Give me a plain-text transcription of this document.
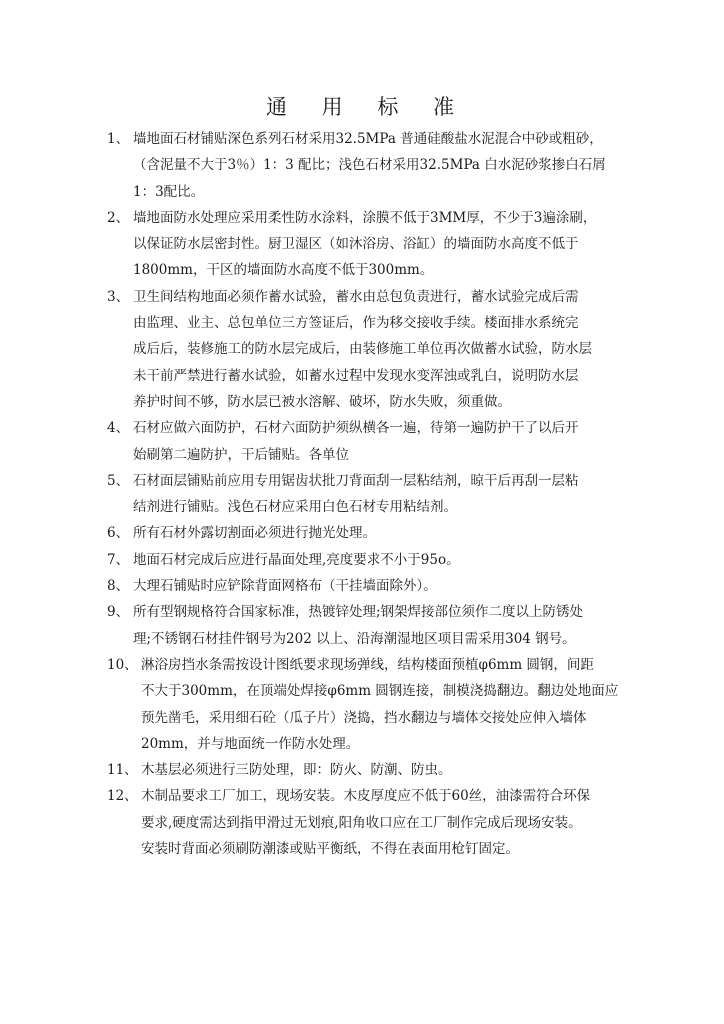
通 用 标 准
1、 墙地面石材铺贴深色系列石材采用32.5MPa 普通硅酸盐水泥混合中砂或粗砂，
（含泥量不大于3％）1：3 配比；浅色石材采用32.5MPa 白水泥砂浆掺白石屑
1：3配比。
2、 墙地面防水处理应采用柔性防水涂料，涂膜不低于3MM厚，不少于3遍涂刷，
以保证防水层密封性。厨卫湿区（如沐浴房、浴缸）的墙面防水高度不低于
1800mm，干区的墙面防水高度不低于300mm。
3、 卫生间结构地面必须作蓄水试验，蓄水由总包负责进行，蓄水试验完成后需
由监理、业主、总包单位三方签证后，作为移交接收手续。楼面排水系统完
成后后，装修施工的防水层完成后，由装修施工单位再次做蓄水试验，防水层
未干前严禁进行蓄水试验，如蓄水过程中发现水变浑浊或乳白，说明防水层
养护时间不够，防水层已被水溶解、破坏，防水失败，须重做。
4、 石材应做六面防护，石材六面防护须纵横各一遍，待第一遍防护干了以后开
始刷第二遍防护，干后铺贴。各单位
5、 石材面层铺贴前应用专用锯齿状批刀背面刮一层粘结剂，晾干后再刮一层粘
结剂进行铺贴。浅色石材应采用白色石材专用粘结剂。
6、 所有石材外露切割面必须进行抛光处理。
7、 地面石材完成后应进行晶面处理,亮度要求不小于95o。
8、 大理石铺贴时应铲除背面网格布（干挂墙面除外）。
9、 所有型钢规格符合国家标准，热镀锌处理;钢架焊接部位须作二度以上防锈处
理;不锈钢石材挂件钢号为202 以上、沿海潮湿地区项目需采用304 钢号。
10、 淋浴房挡水条需按设计图纸要求现场弹线，结构楼面预植φ6mm 圆钢，间距
不大于300mm，在顶端处焊接φ6mm 圆钢连接，制模浇捣翻边。翻边处地面应
预先凿毛，采用细石砼（瓜子片）浇捣，挡水翻边与墙体交接处应伸入墙体
20mm，并与地面统一作防水处理。
11、 木基层必须进行三防处理，即：防火、防潮、防虫。
12、 木制品要求工厂加工，现场安装。木皮厚度应不低于60丝，油漆需符合环保
要求,硬度需达到指甲滑过无划痕,阳角收口应在工厂制作完成后现场安装。
安装时背面必须刷防潮漆或贴平衡纸，不得在表面用枪钉固定。
